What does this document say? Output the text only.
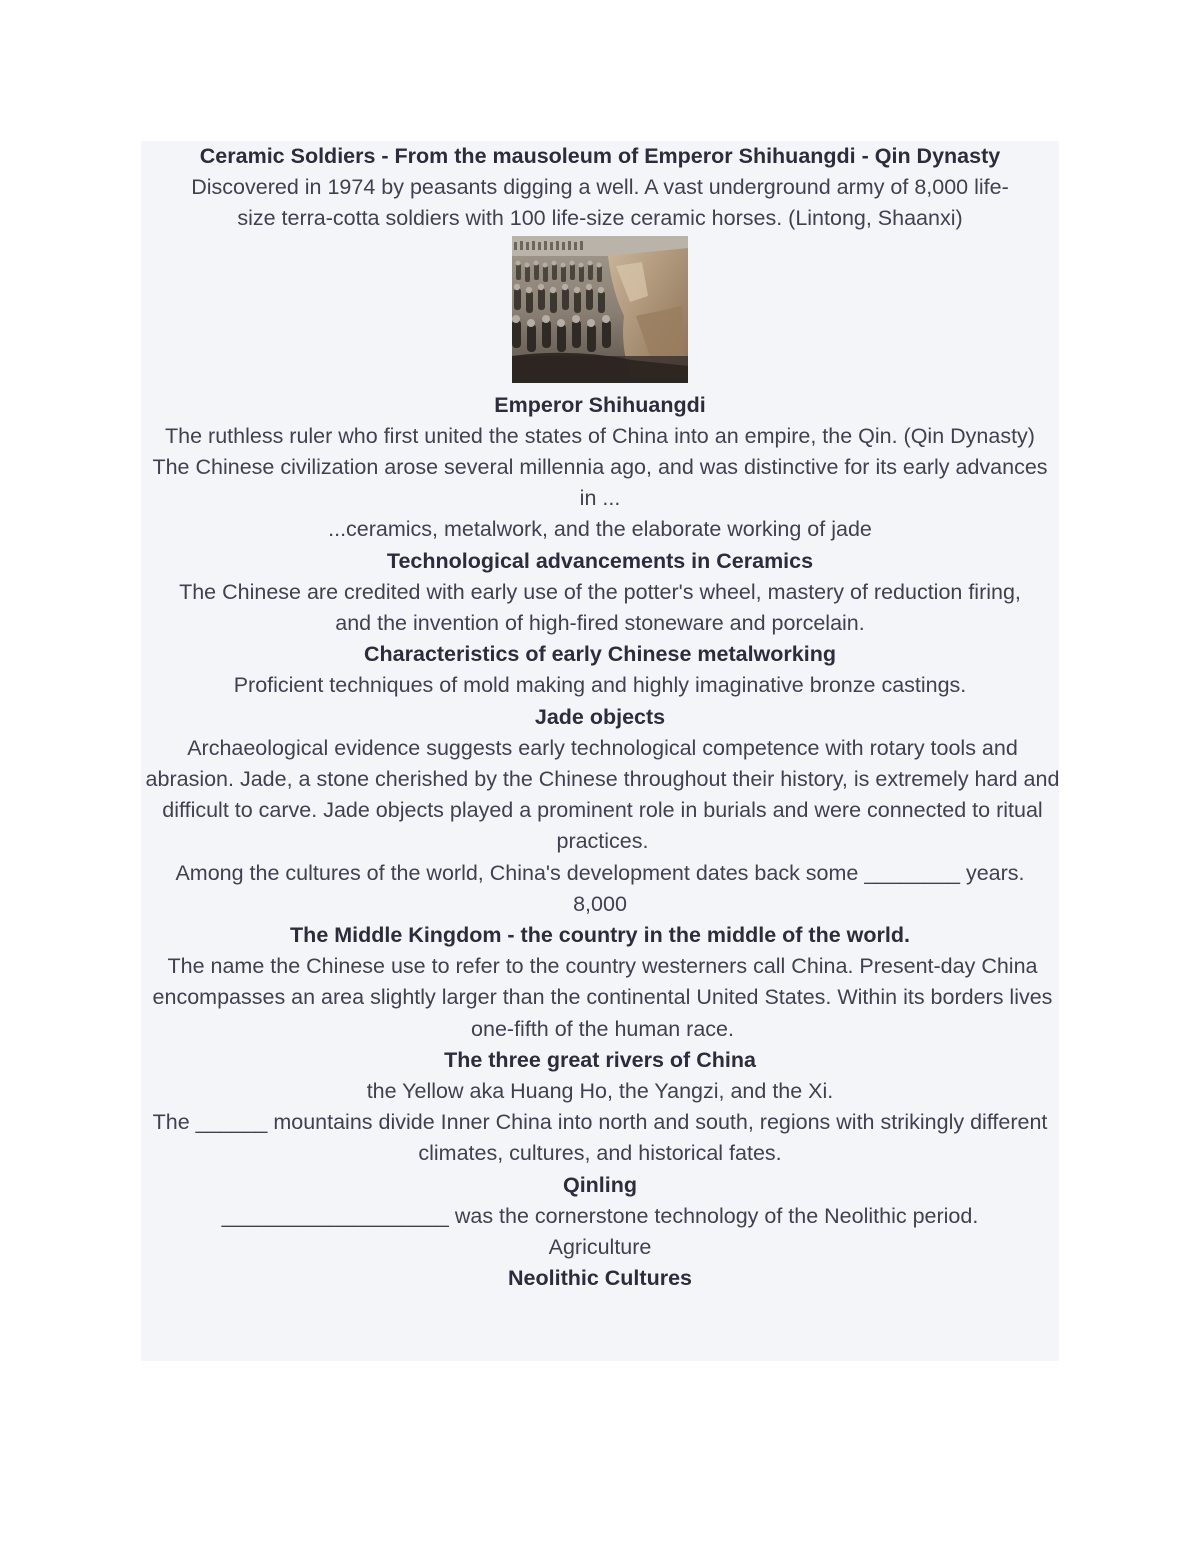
Ceramic Soldiers - From the mausoleum of Emperor Shihuangdi - Qin Dynasty
Discovered in 1974 by peasants digging a well. A vast underground army of 8,000 life-size terra-cotta soldiers with 100 life-size ceramic horses. (Lintong, Shaanxi)
Emperor Shihuangdi
The ruthless ruler who first united the states of China into an empire, the Qin. (Qin Dynasty)
The Chinese civilization arose several millennia ago, and was distinctive for its early advances in ...
...ceramics, metalwork, and the elaborate working of jade
Technological advancements in Ceramics
The Chinese are credited with early use of the potter's wheel, mastery of reduction firing, and the invention of high-fired stoneware and porcelain.
Characteristics of early Chinese metalworking
Proficient techniques of mold making and highly imaginative bronze castings.
Jade objects
Archaeological evidence suggests early technological competence with rotary tools and abrasion. Jade, a stone cherished by the Chinese throughout their history, is extremely hard and difficult to carve. Jade objects played a prominent role in burials and were connected to ritual practices.
Among the cultures of the world, China's development dates back some ________ years.
8,000
The Middle Kingdom - the country in the middle of the world.
The name the Chinese use to refer to the country westerners call China. Present-day China encompasses an area slightly larger than the continental United States. Within its borders lives one-fifth of the human race.
The three great rivers of China
the Yellow aka Huang Ho, the Yangzi, and the Xi.
The ______ mountains divide Inner China into north and south, regions with strikingly different climates, cultures, and historical fates.
Qinling
___________________ was the cornerstone technology of the Neolithic period.
Agriculture
Neolithic Cultures
